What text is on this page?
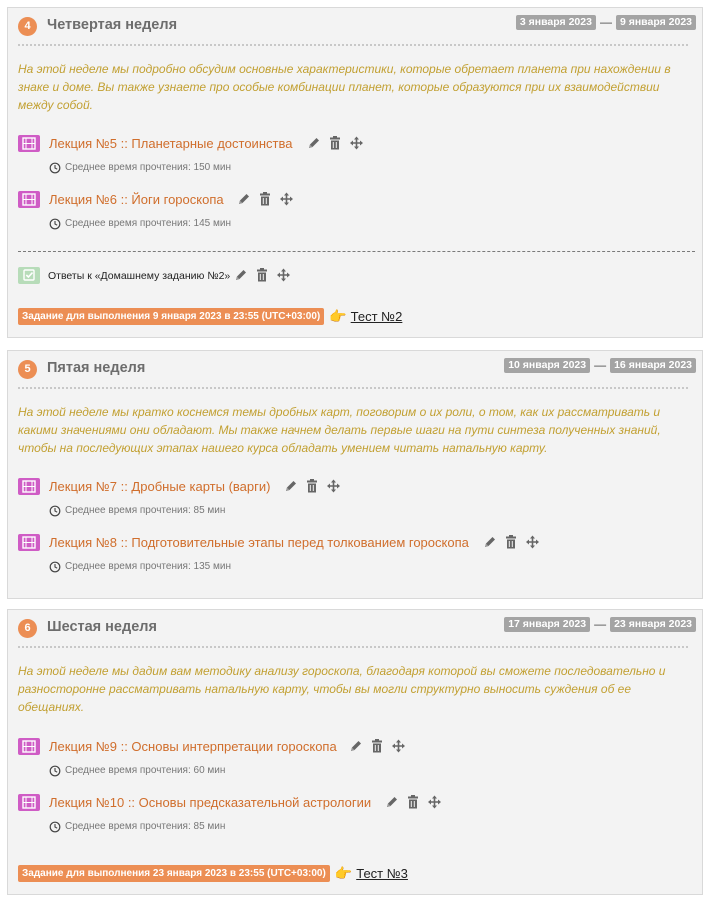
4	Четвертая неделя	3 января 2023 — 9 января 2023
На этой неделе мы подробно обсудим основные характеристики, которые обретает планета при нахождении в знаке и доме. Вы также узнаете про особые комбинации планет, которые образуются при их взаимодействии между собой.
Лекция №5 :: Планетарные достоинства

Среднее время прочтения: 150 мин
Лекция №6 :: Йоги гороскопа

Среднее время прочтения: 145 мин
Ответы к «Домашнему заданию №2»

Задание для выполнения 9 января 2023 в 23:55 (UTC+03:00) 👉 Тест №2
5	Пятая неделя	10 января 2023 — 16 января 2023
На этой неделе мы кратко коснемся темы дробных карт, поговорим о их роли, о том, как их рассматривать и какими значениями они обладают. Мы также начнем делать первые шаги на пути синтеза полученных знаний, чтобы на последующих этапах нашего курса обладать умением читать натальную карту.
Лекция №7 :: Дробные карты (варги)

Среднее время прочтения: 85 мин
Лекция №8 :: Подготовительные этапы перед толкованием гороскопа

Среднее время прочтения: 135 мин
6	Шестая неделя	17 января 2023 — 23 января 2023
На этой неделе мы дадим вам методику анализу гороскопа, благодаря которой вы сможете последовательно и разносторонне рассматривать натальную карту, чтобы вы могли структурно выносить суждения об ее обещаниях.
Лекция №9 :: Основы интерпретации гороскопа

Среднее время прочтения: 60 мин
Лекция №10 :: Основы предсказательной астрологии

Среднее время прочтения: 85 мин
Задание для выполнения 23 января 2023 в 23:55 (UTC+03:00) 👉 Тест №3
